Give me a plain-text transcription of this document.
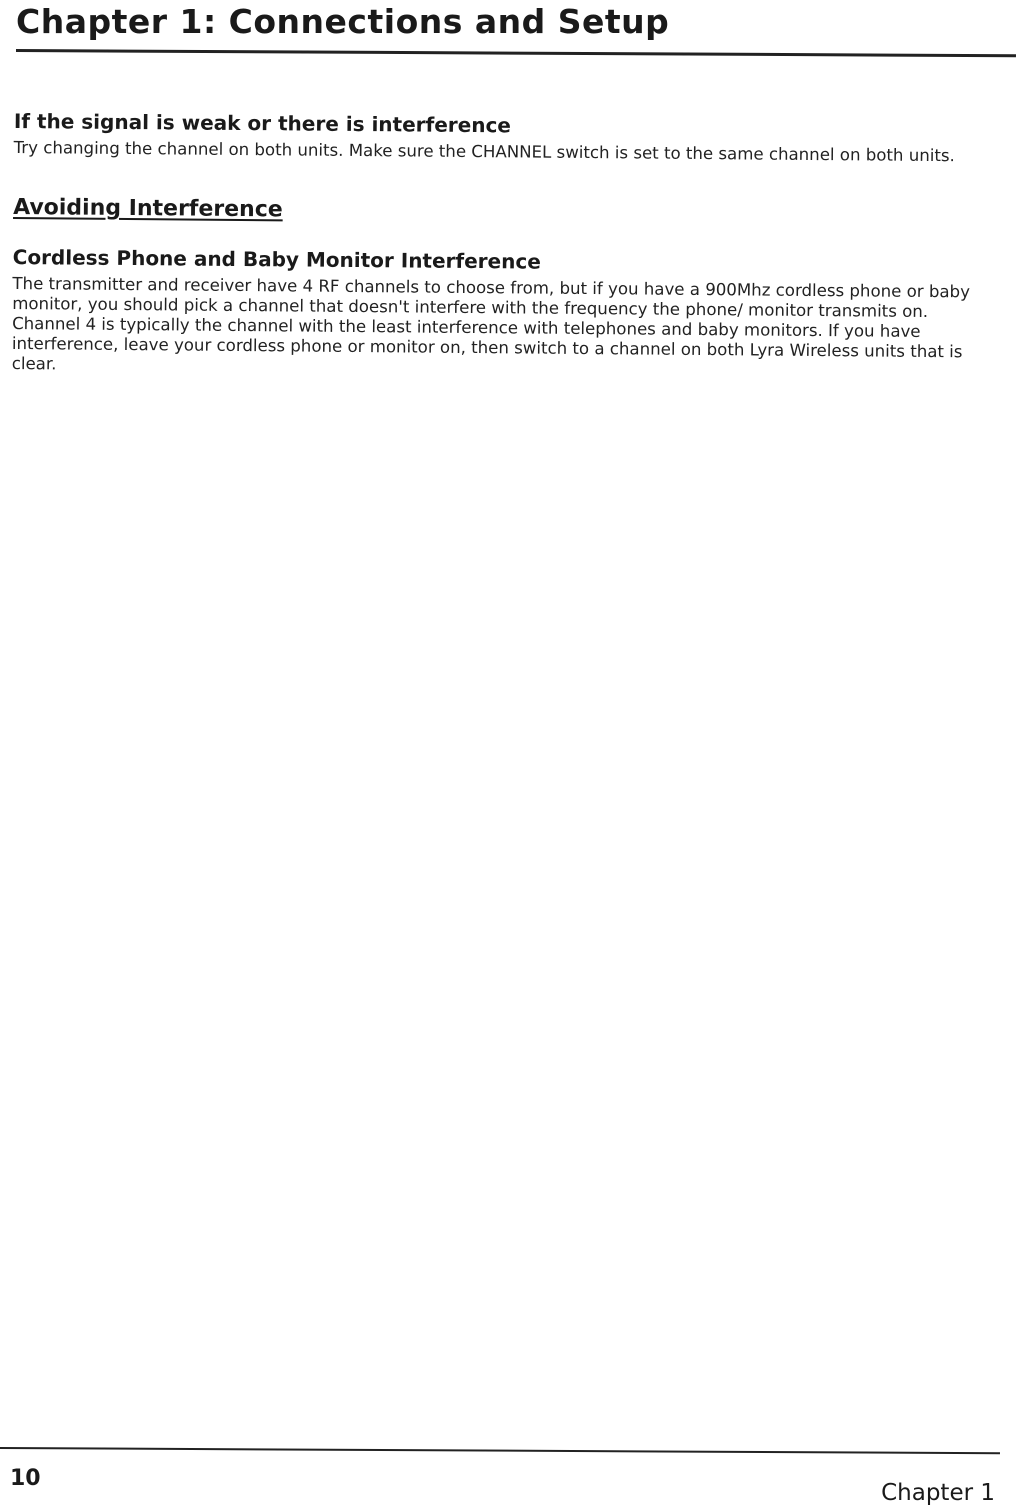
Chapter 1: Connections and Setup
If the signal is weak or there is interference

Try changing the channel on both units. Make sure the CHANNEL switch is set to the same channel on both units.

Avoiding Interference
Cordless Phone and Baby Monitor Interference

The transmitter and receiver have 4 RF channels to choose from, but if you have a 900Mhz cordless phone or baby monitor, you should pick a channel that doesn't interfere with the frequency the phone/ monitor transmits on. Channel 4 is typically the channel with the least interference with telephones and baby monitors. If you have interference, leave your cordless phone or monitor on, then switch to a channel on both Lyra Wireless units that is clear.

10

Chapter 1
